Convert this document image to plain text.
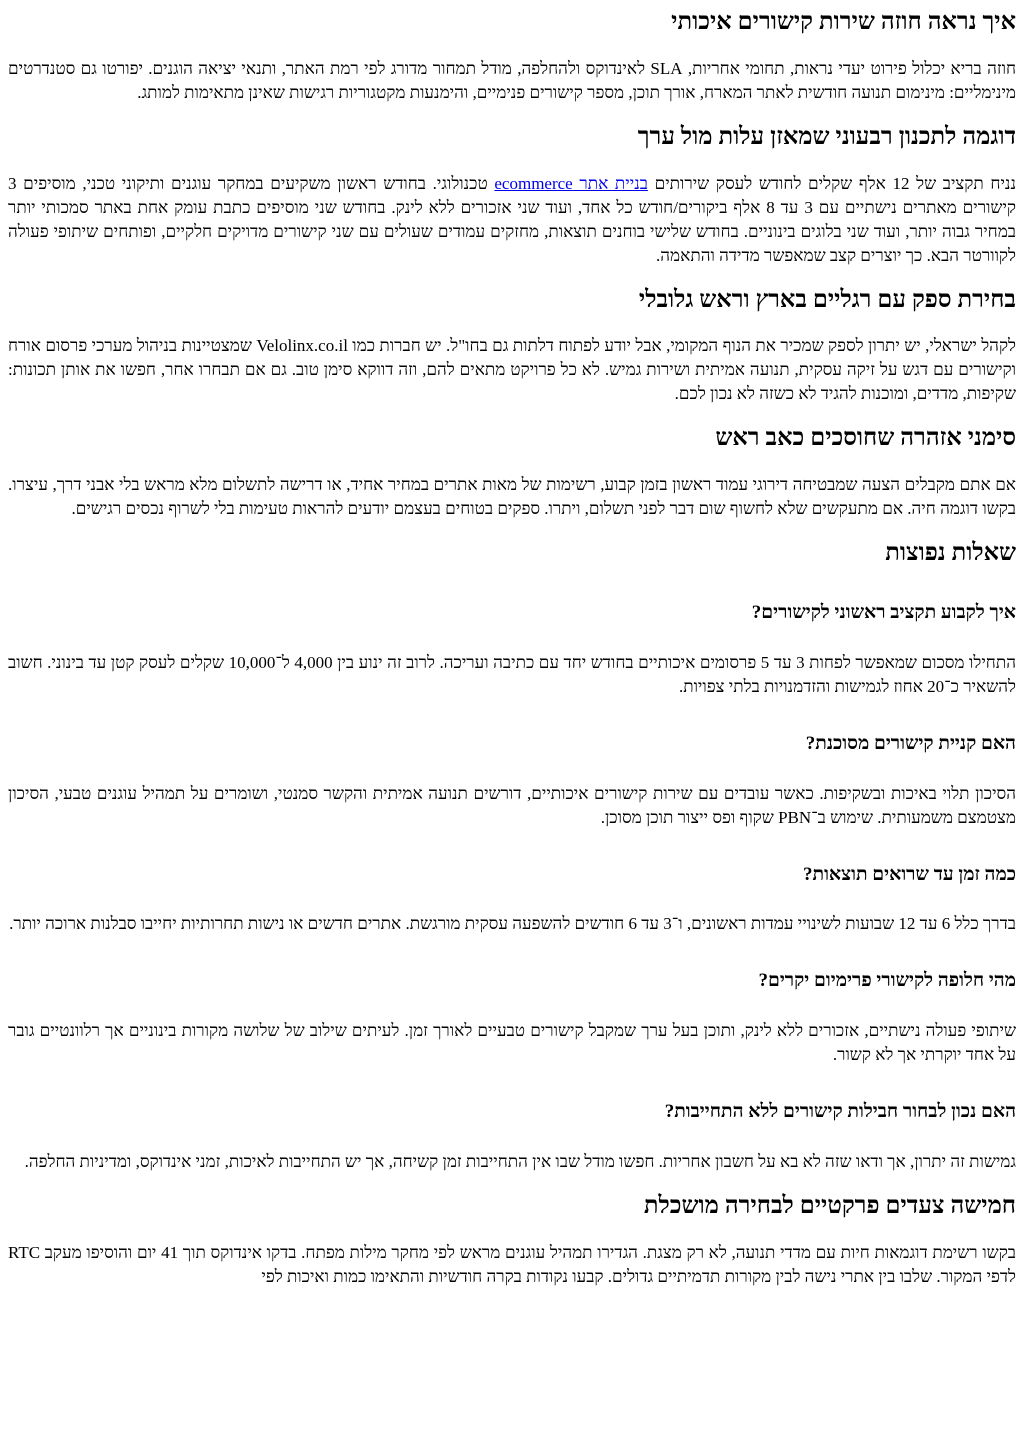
איך נראה חוזה שירות קישורים איכותי

חוזה בריא יכלול פירוט יעדי נראות, תחומי אחריות, SLA לאינדוקס ולהחלפה, מודל תמחור מדורג לפי רמת האתר, ותנאי יציאה הוגנים. יפורטו גם סטנדרטים מינימליים: מינימום תנועה חודשית לאתר המארח, אורך תוכן, מספר קישורים פנימיים, והימנעות מקטגוריות רגישות שאינן מתאימות למותג.

דוגמה לתכנון רבעוני שמאזן עלות מול ערך

נניח תקציב של 12 אלף שקלים לחודש לעסק שירותים בניית אתר ecommerce טכנולוגי. בחודש ראשון משקיעים במחקר עוגנים ותיקוני טכני, מוסיפים 3 קישורים מאתרים נישתיים עם 3 עד 8 אלף ביקורים/חודש כל אחד, ועוד שני אזכורים ללא לינק. בחודש שני מוסיפים כתבת עומק אחת באתר סמכותי יותר במחיר גבוה יותר, ועוד שני בלוגים בינוניים. בחודש שלישי בוחנים תוצאות, מחזקים עמודים שעולים עם שני קישורים מדויקים חלקיים, ופותחים שיתופי פעולה לקוורטר הבא. כך יוצרים קצב שמאפשר מדידה והתאמה.

בחירת ספק עם רגליים בארץ וראש גלובלי

לקהל ישראלי, יש יתרון לספק שמכיר את הנוף המקומי, אבל יודע לפתוח דלתות גם בחו"ל. יש חברות כמו Velolinx.co.il שמצטיינות בניהול מערכי פרסום אורח וקישורים עם דגש על זיקה עסקית, תנועה אמיתית ושירות גמיש. לא כל פרויקט מתאים להם, וזה דווקא סימן טוב. גם אם תבחרו אחר, חפשו את אותן תכונות: שקיפות, מדדים, ומוכנות להגיד לא כשזה לא נכון לכם.

סימני אזהרה שחוסכים כאב ראש

אם אתם מקבלים הצעה שמבטיחה דירוגי עמוד ראשון בזמן קבוע, רשימות של מאות אתרים במחיר אחיד, או דרישה לתשלום מלא מראש בלי אבני דרך, עיצרו. בקשו דוגמה חיה. אם מתעקשים שלא לחשוף שום דבר לפני תשלום, ויתרו. ספקים בטוחים בעצמם יודעים להראות טעימות בלי לשרוף נכסים רגישים.

שאלות נפוצות
איך לקבוע תקציב ראשוני לקישורים?

התחילו מסכום שמאפשר לפחות 3 עד 5 פרסומים איכותיים בחודש יחד עם כתיבה ועריכה. לרוב זה ינוע בין 4,000 ל־10,000 שקלים לעסק קטן עד בינוני. חשוב להשאיר כ־20 אחוז לגמישות והזדמנויות בלתי צפויות.

האם קניית קישורים מסוכנת?

הסיכון תלוי באיכות ובשקיפות. כאשר עובדים עם שירות קישורים איכותיים, דורשים תנועה אמיתית והקשר סמנטי, ושומרים על תמהיל עוגנים טבעי, הסיכון מצטמצם משמעותית. שימוש ב־PBN שקוף ופס ייצור תוכן מסוכן.

כמה זמן עד שרואים תוצאות?

בדרך כלל 6 עד 12 שבועות לשינויי עמדות ראשונים, ו־3 עד 6 חודשים להשפעה עסקית מורגשת. אתרים חדשים או נישות תחרותיות יחייבו סבלנות ארוכה יותר.

מהי חלופה לקישורי פרימיום יקרים?

שיתופי פעולה נישתיים, אזכורים ללא לינק, ותוכן בעל ערך שמקבל קישורים טבעיים לאורך זמן. לעיתים שילוב של שלושה מקורות בינוניים אך רלוונטיים גובר על אחד יוקרתי אך לא קשור.

האם נכון לבחור חבילות קישורים ללא התחייבות?

גמישות זה יתרון, אך ודאו שזה לא בא על חשבון אחריות. חפשו מודל שבו אין התחייבות זמן קשיחה, אך יש התחייבות לאיכות, זמני אינדוקס, ומדיניות החלפה.

חמישה צעדים פרקטיים לבחירה מושכלת

בקשו רשימת דוגמאות חיות עם מדדי תנועה, לא רק מצגת. הגדירו תמהיל עוגנים מראש לפי מחקר מילות מפתח. בדקו אינדוקס תוך 41 יום והוסיפו מעקב RTC לדפי המקור. שלבו בין אתרי נישה לבין מקורות תדמיתיים גדולים. קבעו נקודות בקרה חודשיות והתאימו כמות ואיכות לפי
